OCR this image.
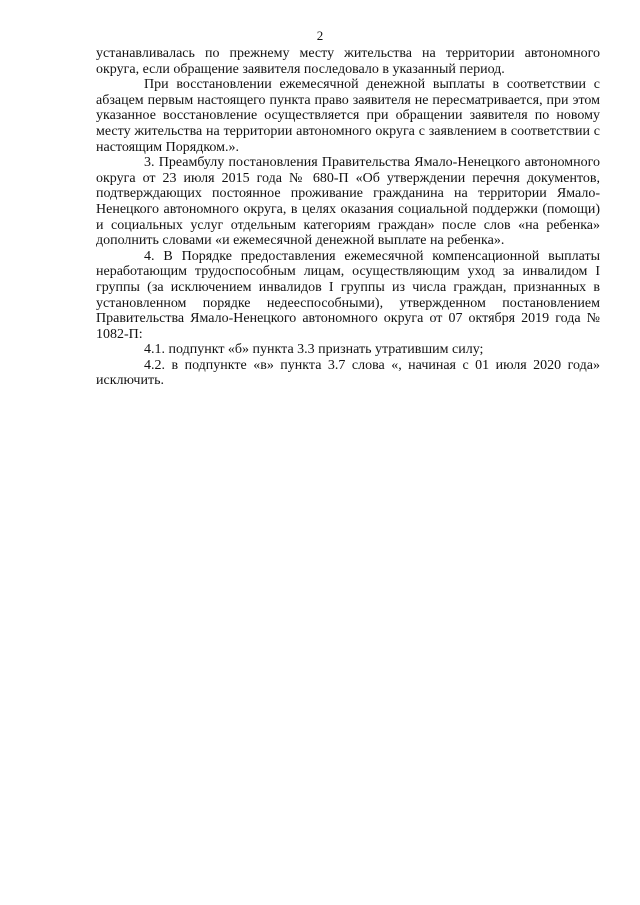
2

устанавливалась по прежнему месту жительства на территории автономного округа, если обращение заявителя последовало в указанный период.

При восстановлении ежемесячной денежной выплаты в соответствии с абзацем первым настоящего пункта право заявителя не пересматривается, при этом указанное восстановление осуществляется при обращении заявителя по новому месту жительства на территории автономного округа с заявлением в соответствии с настоящим Порядком.».

3. Преамбулу постановления Правительства Ямало-Ненецкого автономного округа от 23 июля 2015 года № 680-П «Об утверждении перечня документов, подтверждающих постоянное проживание гражданина на территории Ямало-Ненецкого автономного округа, в целях оказания социальной поддержки (помощи) и социальных услуг отдельным категориям граждан» после слов «на ребенка» дополнить словами «и ежемесячной денежной выплате на ребенка».

4. В Порядке предоставления ежемесячной компенсационной выплаты неработающим трудоспособным лицам, осуществляющим уход за инвалидом I группы (за исключением инвалидов I группы из числа граждан, признанных в установленном порядке недееспособными), утвержденном постановлением Правительства Ямало-Ненецкого автономного округа от 07 октября 2019 года № 1082-П:

4.1. подпункт «б» пункта 3.3 признать утратившим силу;

4.2. в подпункте «в» пункта 3.7 слова «, начиная с 01 июля 2020 года» исключить.
